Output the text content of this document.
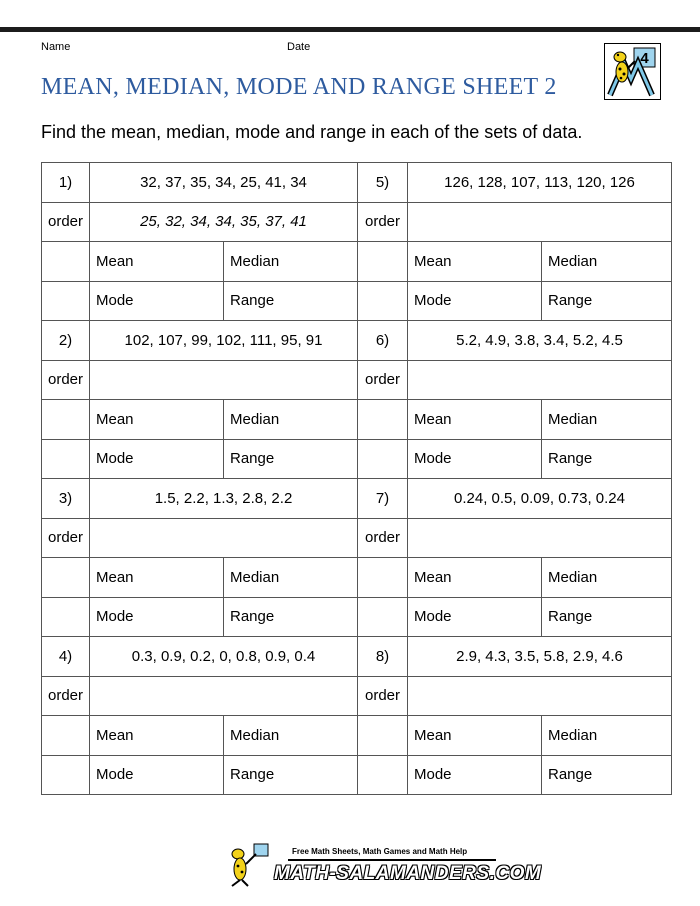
Name	Date
4
MEAN, MEDIAN, MODE AND RANGE SHEET 2
Find the mean, median, mode and range in each of the sets of data.
1)	32, 37, 35, 34, 25, 41, 34		5)	126, 128, 107, 113, 120, 126	
order	25, 32, 34, 34, 35, 37, 41		order		
	Mean	Median		Mean	Median
	Mode	Range		Mode	Range
2)	102, 107, 99, 102, 111, 95, 91		6)	5.2, 4.9, 3.8, 3.4, 5.2, 4.5	
order			order		
	Mean	Median		Mean	Median
	Mode	Range		Mode	Range
3)	1.5, 2.2, 1.3, 2.8, 2.2		7)	0.24, 0.5, 0.09, 0.73, 0.24	
order			order		
	Mean	Median		Mean	Median
	Mode	Range		Mode	Range
4)	0.3, 0.9, 0.2, 0, 0.8, 0.9, 0.4		8)	2.9, 4.3, 3.5, 5.8, 2.9, 4.6	
order			order		
	Mean	Median		Mean	Median
	Mode	Range		Mode	Range
Free Math Sheets, Math Games and Math Help
MATH-SALAMANDERS.COM
